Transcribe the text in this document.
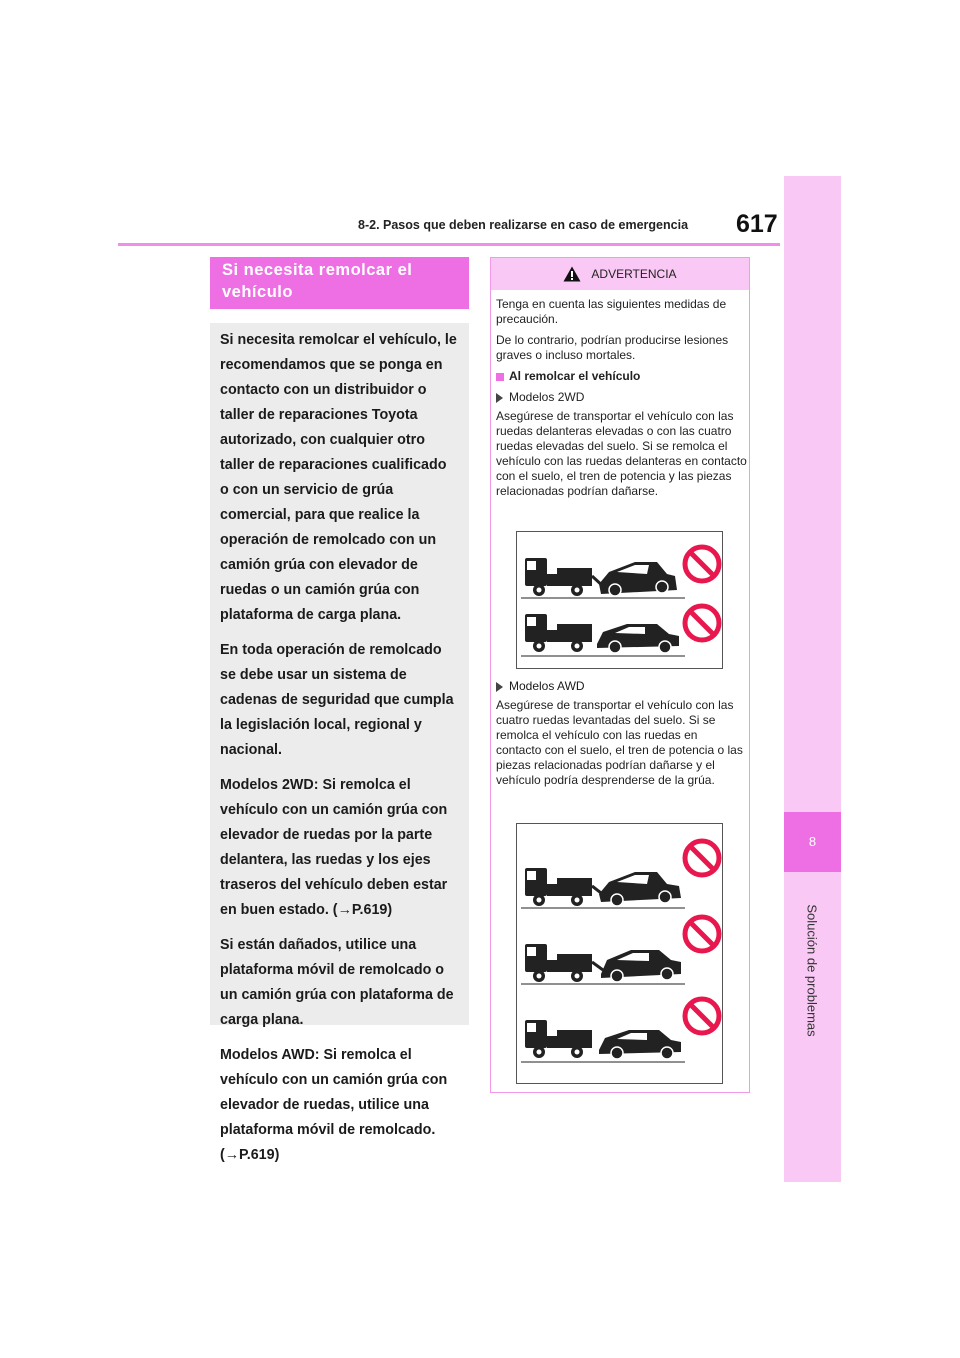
8-2. Pasos que deben realizarse en caso de emergencia 617
8
Solución de problemas
Si necesita remolcar el vehículo

Si necesita remolcar el vehículo, le recomendamos que se ponga en contacto con un distribuidor o taller de reparaciones Toyota autorizado, con cualquier otro taller de reparaciones cualificado o con un servicio de grúa comercial, para que realice la operación de remolcado con un camión grúa con elevador de ruedas o un camión grúa con plataforma de carga plana.

En toda operación de remolcado se debe usar un sistema de cadenas de seguridad que cumpla la legislación local, regional y nacional.

Modelos 2WD: Si remolca el vehículo con un camión grúa con elevador de ruedas por la parte delantera, las ruedas y los ejes traseros del vehículo deben estar en buen estado. (→P.619)

Si están dañados, utilice una plataforma móvil de remolcado o un camión grúa con plataforma de carga plana.

Modelos AWD: Si remolca el vehículo con un camión grúa con elevador de ruedas, utilice una plataforma móvil de remolcado. (→P.619)

ADVERTENCIA

Tenga en cuenta las siguientes medidas de precaución.

De lo contrario, podrían producirse lesiones graves o incluso mortales.

Al remolcar el vehículo

Modelos 2WD

Asegúrese de transportar el vehículo con las ruedas delanteras elevadas o con las cuatro ruedas elevadas del suelo. Si se remolca el vehículo con las ruedas delanteras en contacto con el suelo, el tren de potencia y las piezas relacionadas podrían dañarse.

Modelos AWD

Asegúrese de transportar el vehículo con las cuatro ruedas levantadas del suelo. Si se remolca el vehículo con las ruedas en contacto con el suelo, el tren de potencia o las piezas relacionadas podrían dañarse y el vehículo podría desprenderse de la grúa.
